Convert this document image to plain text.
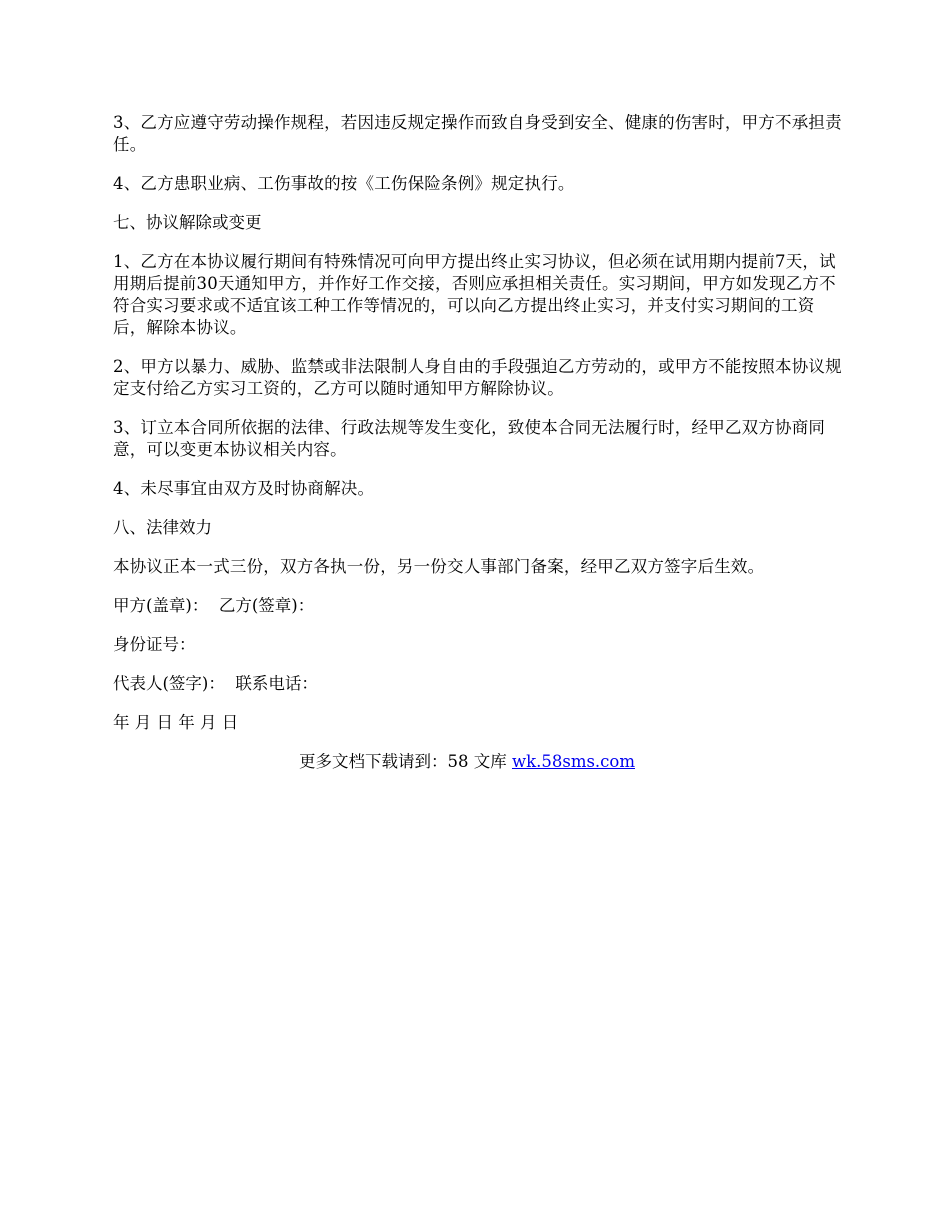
3、乙方应遵守劳动操作规程，若因违反规定操作而致自身受到安全、健康的伤害时，甲方不承担责任。

4、乙方患职业病、工伤事故的按《工伤保险条例》规定执行。

七、协议解除或变更

1、乙方在本协议履行期间有特殊情况可向甲方提出终止实习协议，但必须在试用期内提前7天，试用期后提前30天通知甲方，并作好工作交接，否则应承担相关责任。实习期间，甲方如发现乙方不符合实习要求或不适宜该工种工作等情况的，可以向乙方提出终止实习，并支付实习期间的工资后，解除本协议。

2、甲方以暴力、威胁、监禁或非法限制人身自由的手段强迫乙方劳动的，或甲方不能按照本协议规定支付给乙方实习工资的，乙方可以随时通知甲方解除协议。

3、订立本合同所依据的法律、行政法规等发生变化，致使本合同无法履行时，经甲乙双方协商同意，可以变更本协议相关内容。

4、未尽事宜由双方及时协商解决。

八、法律效力

本协议正本一式三份，双方各执一份，另一份交人事部门备案，经甲乙双方签字后生效。

甲方(盖章)：  乙方(签章)：

身份证号：

代表人(签字)：  联系电话：

年 月 日 年 月 日

更多文档下载请到：58 文库 wk.58sms.com
